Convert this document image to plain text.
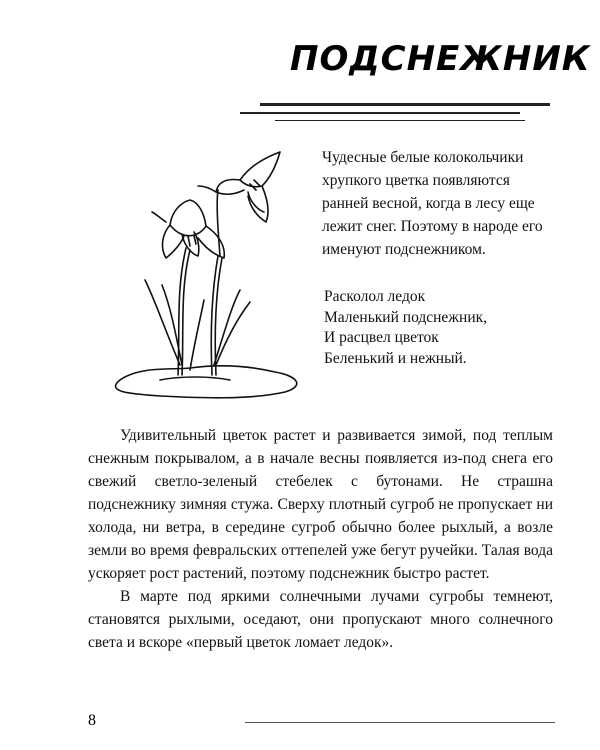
ПОДСНЕЖНИК

Чудесные белые колокольчики хрупкого цветка появляются ранней весной, когда в лесу еще лежит снег. Поэтому в народе его именуют подснежником.

Расколол ледок
Маленький подснежник,
И расцвел цветок
Беленький и нежный.

Удивительный цветок растет и развивается зимой, под теплым снежным покрывалом, а в начале весны появляется из-под снега его свежий светло-зеленый стебелек с бутонами. Не страшна подснежнику зимняя стужа. Сверху плотный сугроб не пропускает ни холода, ни ветра, в середине сугроб обычно более рыхлый, а возле земли во время февральских оттепелей уже бегут ручейки. Талая вода ускоряет рост растений, поэтому подснежник быстро растет.

В марте под яркими солнечными лучами сугробы темнеют, становятся рыхлыми, оседают, они пропускают много солнечного света и вскоре «первый цветок ломает ледок».

8
